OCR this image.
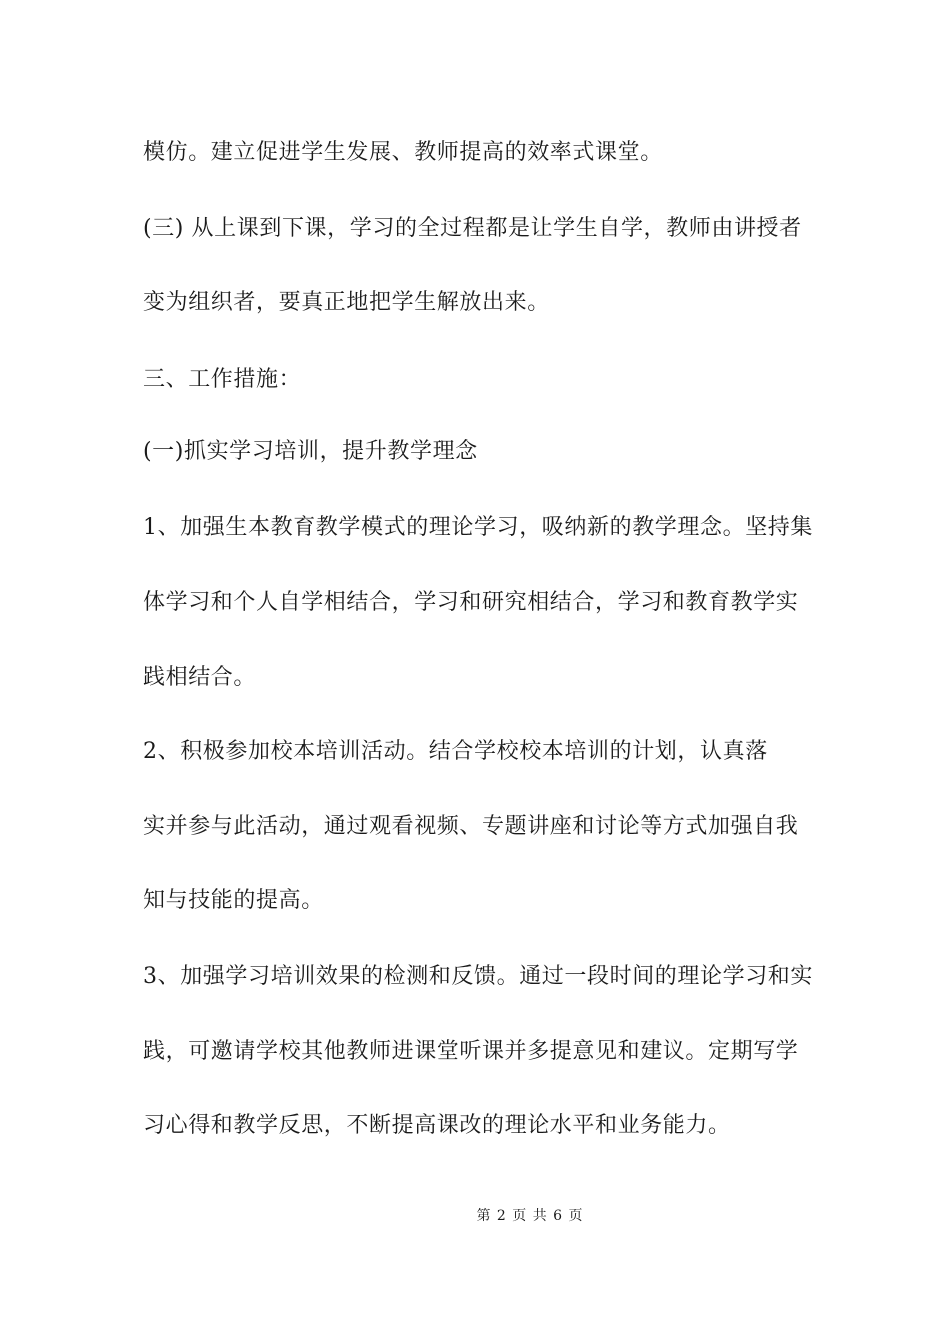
模仿。建立促进学生发展、教师提高的效率式课堂。
(三) 从上课到下课，学习的全过程都是让学生自学，教师由讲授者
变为组织者，要真正地把学生解放出来。
三、工作措施：
(一)抓实学习培训，提升教学理念
1、加强生本教育教学模式的理论学习，吸纳新的教学理念。坚持集
体学习和个人自学相结合，学习和研究相结合，学习和教育教学实
践相结合。
2、积极参加校本培训活动。结合学校校本培训的计划，认真落
实并参与此活动，通过观看视频、专题讲座和讨论等方式加强自我
知与技能的提高。
3、加强学习培训效果的检测和反馈。通过一段时间的理论学习和实
践，可邀请学校其他教师进课堂听课并多提意见和建议。定期写学
习心得和教学反思，不断提高课改的理论水平和业务能力。
第 2 页 共 6 页
